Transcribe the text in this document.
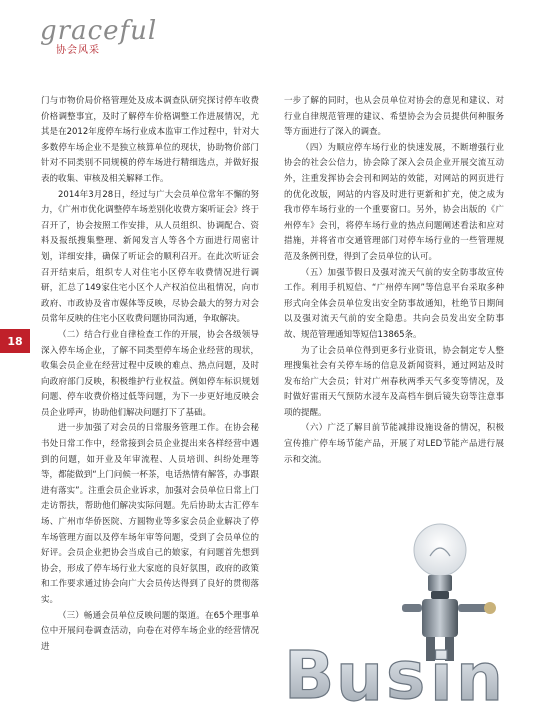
graceful
协会风采

门与市物价局价格管理处及成本调查队研究探讨停车收费价格调整事宜，及时了解停车价格调整工作进展情况，尤其是在2012年度停车场行业成本监审工作过程中，针对大多数停车场企业不是独立核算单位的现状，协助物价部门针对不同类别不同规模的停车场进行精细选点，并做好报表的收集、审核及相关解释工作。

2014年3月28日，经过与广大会员单位常年不懈的努力，《广州市优化调整停车场差别化收费方案听证会》终于召开了，协会按照工作安排，从人员组织、协调配合、资料及报纸搜集整理、新闻发言人等各个方面进行周密计划，详细安排，确保了听证会的顺利召开。在此次听证会召开结束后，组织专人对住宅小区停车收费情况进行调研，汇总了149家住宅小区个人产权泊位出租情况，向市政府、市政协及省市媒体等反映，尽协会最大的努力对会员常年反映的住宅小区收费问题协同沟通，争取解决。

（二）结合行业自律检查工作的开展，协会各级领导深入停车场企业，了解不同类型停车场企业经营的现状，收集会员企业在经营过程中反映的难点、热点问题，及时向政府部门反映，积极维护行业权益。例如停车标识规划问题、停车收费价格过低等问题，为下一步更好地反映会员企业呼声，协助他们解决问题打下了基础。

进一步加强了对会员的日常服务管理工作。在协会秘书处日常工作中，经常接到会员企业提出来各样经营中遇到的问题，如开业及年审流程、人员培训、纠纷处理等等，都能做到“上门问候一杯茶，电话热情有解答，办事跟进有落实”。注重会员企业诉求，加强对会员单位日常上门走访帮扶，帮助他们解决实际问题。先后协助太古汇停车场、广州市华侨医院、方圆物业等多家会员企业解决了停车场管理方面以及停车场年审等问题，受到了会员单位的好评。会员企业把协会当成自己的娘家，有问题首先想到协会，形成了停车场行业大家庭的良好氛围，政府的政策和工作要求通过协会向广大会员传达得到了良好的贯彻落实。

（三）畅通会员单位反映问题的渠道。在65个理事单位中开展问卷调查活动，向卷在对停车场企业的经营情况进

一步了解的同时，也从会员单位对协会的意见和建议、对行业自律规范管理的建议、希望协会为会员提供何种服务等方面进行了深入的调查。

（四）为顺应停车场行业的快速发展，不断增强行业协会的社会公信力，协会除了深入会员企业开展交流互动外，注重发挥协会会刊和网站的效能，对网站的网页进行的优化改版，网站的内容及时进行更新和扩充，使之成为我市停车场行业的一个重要窗口。另外，协会出版的《广州停车》会刊，将停车场行业的热点问题阐述看法和应对措施，并将省市交通管理部门对停车场行业的一些管理规范及条例刊登，得到了会员单位的认可。

（五）加强节假日及强对流天气前的安全防事故宣传工作。利用手机短信、“广州停车网”等信息平台采取多种形式向全体会员单位发出安全防事故通知，杜绝节日期间以及强对流天气前的安全隐患。共向会员发出安全防事故、规范管理通知等短信13865条。

为了让会员单位得到更多行业资讯，协会制定专人整理搜集社会有关停车场的信息及新闻资料，通过网站及时发布给广大会员；针对广州春秋两季天气多变等情况，及时做好雷雨天气预防水浸车及高档车倒后镜失窃等注意事项的提醒。

（六）广泛了解目前节能减排设施设备的情况，积极宣传推广停车场节能产品，开展了对LED节能产品进行展示和交流。

18
B u s i n
